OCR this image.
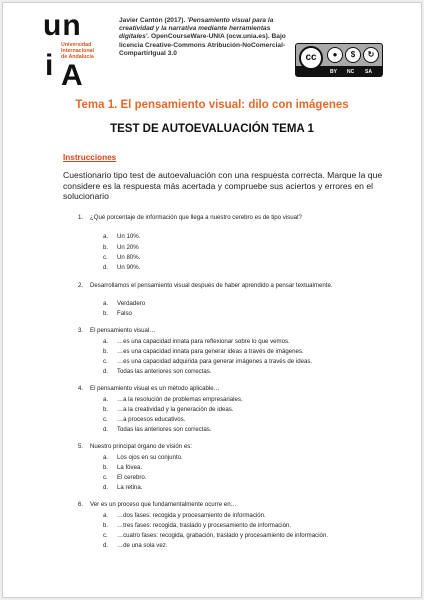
un
i
Universidad
Internacional
de Andalucía
A
Javier Cantón (2017). 'Pensamiento visual para la creatividad y la narrativa mediante herramientas digitales'. OpenCourseWare-UNIA (ocw.unia.es). Bajo licencia Creative-Commons Atribución-NoComercial-CompartirIgual 3.0	cc	●	$	↻
BY NC SA
Tema 1. El pensamiento visual: dilo con imágenes
TEST DE AUTOEVALUACIÓN TEMA 1
Instrucciones
Cuestionario tipo test de autoevaluación con una respuesta correcta. Marque la que considere es la respuesta más acertada y compruebe sus aciertos y errores en el solucionario
1. ¿Qué porcentaje de información que llega a nuestro cerebro es de tipo visual?
a. Un 10%.
b. Un 20%
c. Un 80%.
d. Un 90%.
2. Desarrollamos el pensamiento visual después de haber aprendido a pensar textualmente.
a. Verdadero
b. Falso
3. El pensamiento visual…
a. …es una capacidad innata para reflexionar sobre lo que vemos.
b. …es una capacidad innata para generar ideas a través de imágenes.
c. …es una capacidad adquirida para generar imágenes a través de ideas.
d. Todas las anteriores son correctas.
4. El pensamiento visual es un método aplicable…
a. …a la resolución de problemas empresariales.
b. …a la creatividad y la generación de ideas.
c. …a procesos educativos.
d. Todas las anteriores son correctas.
5. Nuestro principal órgano de visión es:
a. Los ojos en su conjunto.
b. La fóvea.
c. El cerebro.
d. La retina.
6. Ver es un proceso que fundamentalmente ocurre en…
a. …dos fases: recogida y procesamiento de información.
b. …tres fases: recogida, traslado y procesamiento de información.
c. …cuatro fases: recogida, grabación, traslado y procesamiento de información.
d. …de una sola vez.
